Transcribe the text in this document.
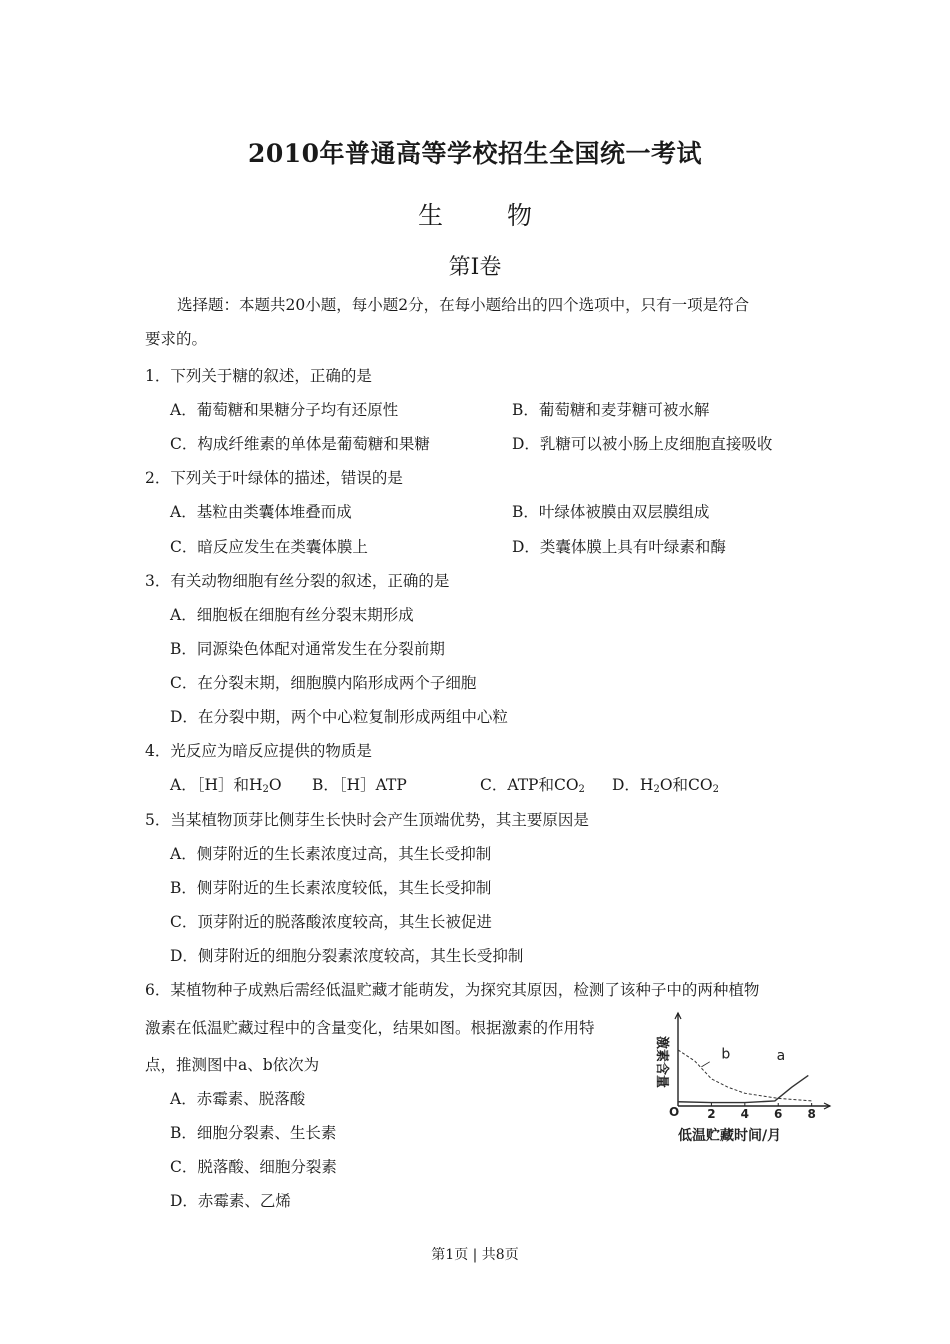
2010年普通高等学校招生全国统一考试
生	物
第Ⅰ卷
选择题：本题共20小题，每小题2分，在每小题给出的四个选项中，只有一项是符合
要求的。
1．下列关于糖的叙述，正确的是
A．葡萄糖和果糖分子均有还原性	B．葡萄糖和麦芽糖可被水解
C．构成纤维素的单体是葡萄糖和果糖	D．乳糖可以被小肠上皮细胞直接吸收
2．下列关于叶绿体的描述，错误的是
A．基粒由类囊体堆叠而成	B．叶绿体被膜由双层膜组成
C．暗反应发生在类囊体膜上	D．类囊体膜上具有叶绿素和酶
3．有关动物细胞有丝分裂的叙述，正确的是
A．细胞板在细胞有丝分裂末期形成
B．同源染色体配对通常发生在分裂前期
C．在分裂末期，细胞膜内陷形成两个子细胞
D．在分裂中期，两个中心粒复制形成两组中心粒
4．光反应为暗反应提供的物质是
A．［H］和$H_2O$ B．［H］ATP	C．ATP和$CO_2$ D．$H_2O$和$CO_2$
5．当某植物顶芽比侧芽生长快时会产生顶端优势，其主要原因是
A．侧芽附近的生长素浓度过高，其生长受抑制
B．侧芽附近的生长素浓度较低，其生长受抑制
C．顶芽附近的脱落酸浓度较高，其生长被促进
D．侧芽附近的细胞分裂素浓度较高，其生长受抑制
6．某植物种子成熟后需经低温贮藏才能萌发，为探究其原因，检测了该种子中的两种植物
激素在低温贮藏过程中的含量变化，结果如图。根据激素的作用特
点，推测图中a、b依次为
A．赤霉素、脱落酸
B．细胞分裂素、生长素
C．脱落酸、细胞分裂素
D．赤霉素、乙烯
2 4 6 8
O
a
b
激素含量
低温贮藏时间/月
第1页 | 共8页
